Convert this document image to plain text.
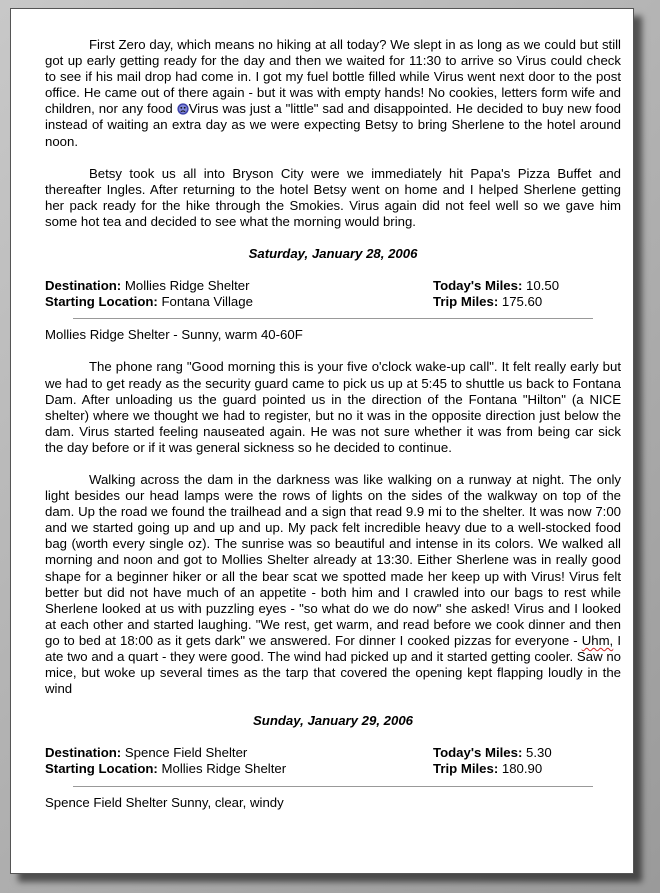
First Zero day, which means no hiking at all today? We slept in as long as we could but still got up early getting ready for the day and then we waited for 11:30 to arrive so Virus could check to see if his mail drop had come in. I got my fuel bottle filled while Virus went next door to the post office. He came out of there again - but it was with empty hands! No cookies, letters form wife and children, nor any food Virus was just a "little" sad and disappointed. He decided to buy new food instead of waiting an extra day as we were expecting Betsy to bring Sherlene to the hotel around noon.

Betsy took us all into Bryson City were we immediately hit Papa's Pizza Buffet and thereafter Ingles. After returning to the hotel Betsy went on home and I helped Sherlene getting her pack ready for the hike through the Smokies. Virus again did not feel well so we gave him some hot tea and decided to see what the morning would bring.

Saturday, January 28, 2006

Destination: Mollies Ridge Shelter	Today's Miles: 10.50
Starting Location: Fontana Village	Trip Miles: 175.60

Mollies Ridge Shelter - Sunny, warm 40-60F

The phone rang "Good morning this is your five o'clock wake-up call". It felt really early but we had to get ready as the security guard came to pick us up at 5:45 to shuttle us back to Fontana Dam. After unloading us the guard pointed us in the direction of the Fontana "Hilton" (a NICE shelter) where we thought we had to register, but no it was in the opposite direction just below the dam. Virus started feeling nauseated again. He was not sure whether it was from being car sick the day before or if it was general sickness so he decided to continue.

Walking across the dam in the darkness was like walking on a runway at night. The only light besides our head lamps were the rows of lights on the sides of the walkway on top of the dam. Up the road we found the trailhead and a sign that read 9.9 mi to the shelter. It was now 7:00 and we started going up and up and up. My pack felt incredible heavy due to a well-stocked food bag (worth every single oz). The sunrise was so beautiful and intense in its colors. We walked all morning and noon and got to Mollies Shelter already at 13:30. Either Sherlene was in really good shape for a beginner hiker or all the bear scat we spotted made her keep up with Virus! Virus felt better but did not have much of an appetite - both him and I crawled into our bags to rest while Sherlene looked at us with puzzling eyes - "so what do we do now" she asked! Virus and I looked at each other and started laughing. "We rest, get warm, and read before we cook dinner and then go to bed at 18:00 as it gets dark" we answered. For dinner I cooked pizzas for everyone - Uhm, I ate two and a quart - they were good. The wind had picked up and it started getting cooler. Saw no mice, but woke up several times as the tarp that covered the opening kept flapping loudly in the wind

Sunday, January 29, 2006

Destination: Spence Field Shelter	Today's Miles: 5.30
Starting Location: Mollies Ridge Shelter	Trip Miles: 180.90

Spence Field Shelter Sunny, clear, windy
